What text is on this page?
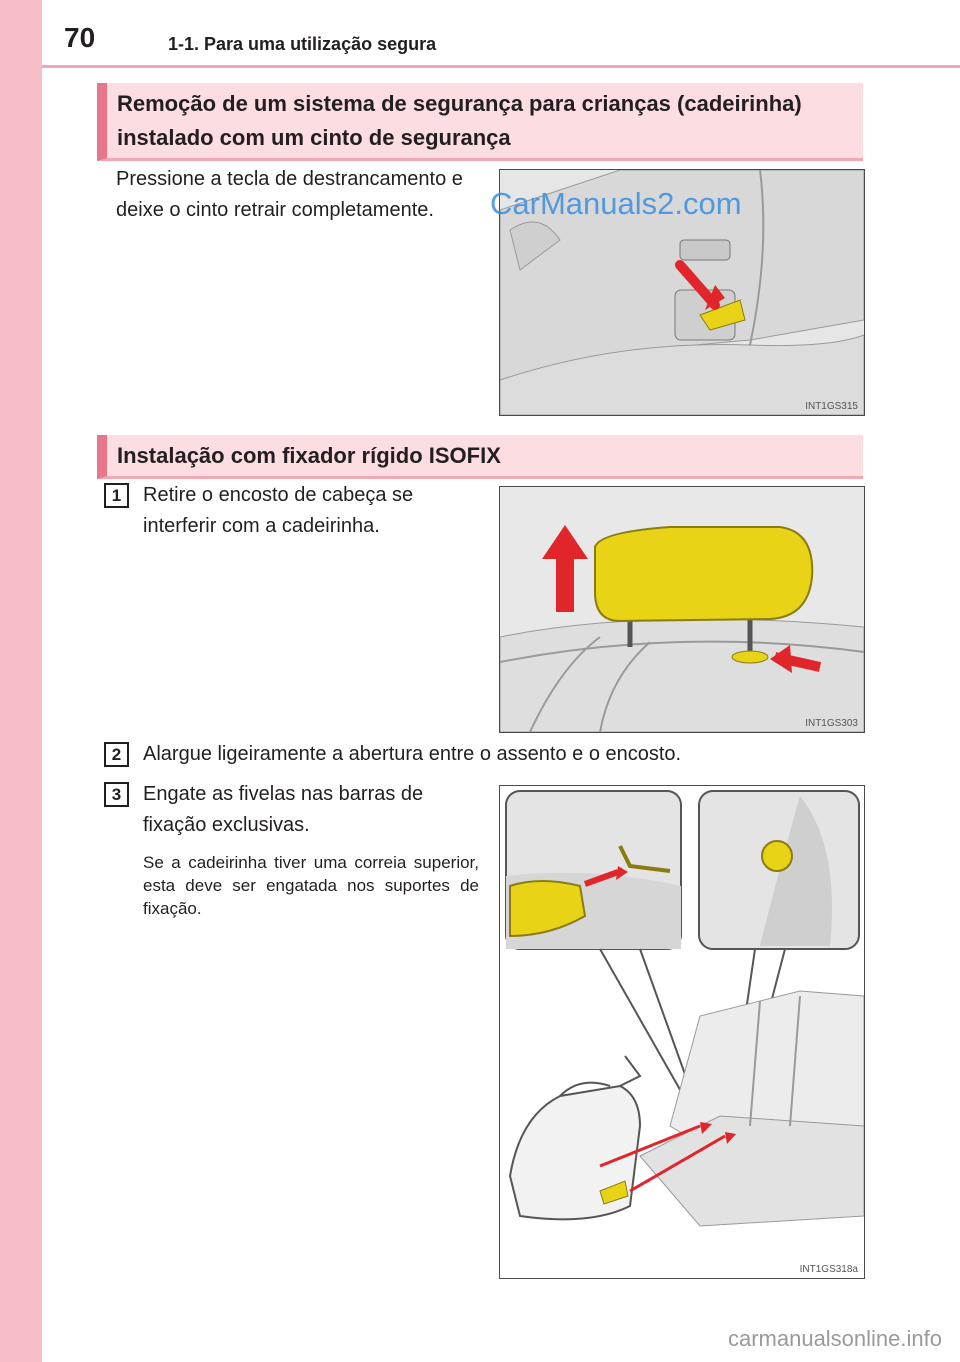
70	1-1. Para uma utilização segura
Remoção de um sistema de segurança para crianças (cadeirinha) instalado com um cinto de segurança
Pressione a tecla de destrancamento e deixe o cinto retrair completamente.
INT1GS315
CarManuals2.com
Instalação com fixador rígido ISOFIX
1	Retire o encosto de cabeça se interferir com a cadeirinha.
INT1GS303
2	Alargue ligeiramente a abertura entre o assento e o encosto.
3	Engate as fivelas nas barras de fixação exclusivas.
Se a cadeirinha tiver uma correia superior, esta deve ser engatada nos suportes de fixação.
INT1GS318a
carmanualsonline.info
